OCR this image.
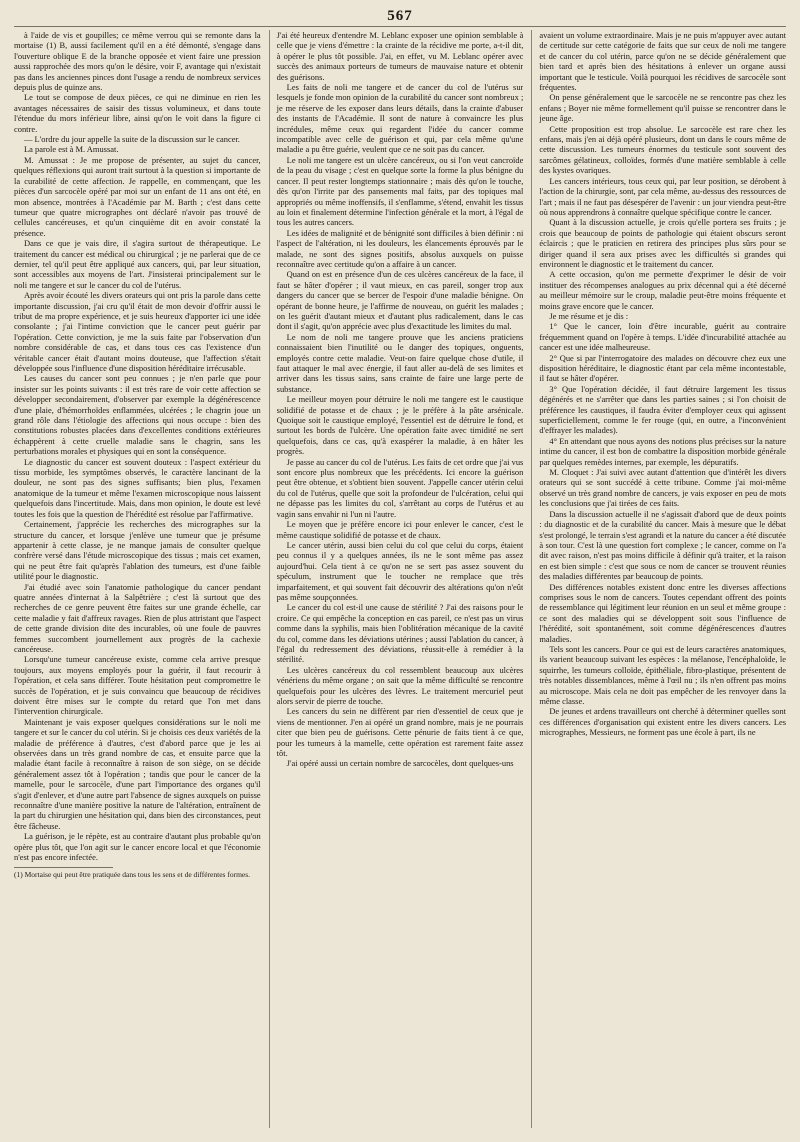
567

à l'aide de vis et goupilles; ce même verrou qui se remonte dans la mortaise (1) B, aussi facilement qu'il en a été démonté, s'engage dans l'ouverture oblique E de la branche opposée et vient faire une pression aussi rapprochée des mors qu'on le désire, voir F, avantage qui n'existait pas dans les anciennes pinces dont l'usage a rendu de nombreux services depuis plus de quinze ans.

Le tout se compose de deux pièces, ce qui ne diminue en rien les avantages nécessaires de saisir des tissus volumineux, et dans toute l'étendue du mors inférieur libre, ainsi qu'on le voit dans la figure ci contre.

— L'ordre du jour appelle la suite de la discussion sur le cancer.

La parole est à M. Amussat.

M. Amussat : Je me propose de présenter, au sujet du cancer, quelques réflexions qui auront trait surtout à la question si importante de la curabilité de cette affection. Je rappelle, en commençant, que les pièces d'un sarcocèle opéré par moi sur un enfant de 11 ans ont été, en mon absence, montrées à l'Académie par M. Barth ; c'est dans cette tumeur que quatre micrographes ont déclaré n'avoir pas trouvé de cellules cancéreuses, et qu'un cinquième dit en avoir constaté la présence.

Dans ce que je vais dire, il s'agira surtout de thérapeutique. Le traitement du cancer est médical ou chirurgical ; je ne parlerai que de ce dernier, tel qu'il peut être appliqué aux cancers, qui, par leur situation, sont accessibles aux moyens de l'art. J'insisterai principalement sur le noli me tangere et sur le cancer du col de l'utérus.

Après avoir écouté les divers orateurs qui ont pris la parole dans cette importante discussion, j'ai cru qu'il était de mon devoir d'offrir aussi le tribut de ma propre expérience, et je suis heureux d'apporter ici une idée consolante ; j'ai l'intime conviction que le cancer peut guérir par l'opération. Cette conviction, je me la suis faite par l'observation d'un nombre considérable de cas, et dans tous ces cas l'existence d'un véritable cancer était d'autant moins douteuse, que l'affection s'était développée sous l'influence d'une disposition héréditaire irrécusable.

Les causes du cancer sont peu connues ; je n'en parle que pour insister sur les points suivants : il est très rare de voir cette affection se développer secondairement, d'observer par exemple la dégénérescence d'une plaie, d'hémorrhoïdes enflammées, ulcérées ; le chagrin joue un grand rôle dans l'étiologie des affections qui nous occupe : bien des constitutions robustes placées dans d'excellentes conditions extérieures échappèrent à cette cruelle maladie sans le chagrin, sans les perturbations morales et physiques qui en sont la conséquence.

Le diagnostic du cancer est souvent douteux : l'aspect extérieur du tissu morbide, les symptômes observés, le caractère lancinant de la douleur, ne sont pas des signes suffisants; bien plus, l'examen anatomique de la tumeur et même l'examen microscopique nous laissent quelquefois dans l'incertitude. Mais, dans mon opinion, le doute est levé toutes les fois que la question de l'hérédité est résolue par l'affirmative.

Certainement, j'apprécie les recherches des micrographes sur la structure du cancer, et lorsque j'enlève une tumeur que je présume appartenir à cette classe, je ne manque jamais de consulter quelque confrère versé dans l'étude microscopique des tissus ; mais cet examen, qui ne peut être fait qu'après l'ablation des tumeurs, est d'une faible utilité pour le diagnostic.

J'ai étudié avec soin l'anatomie pathologique du cancer pendant quatre années d'internat à la Salpêtrière ; c'est là surtout que des recherches de ce genre peuvent être faites sur une grande échelle, car cette maladie y fait d'affreux ravages. Rien de plus attristant que l'aspect de cette grande division dite des incurables, où une foule de pauvres femmes succombent journellement aux progrès de la cachexie cancéreuse.

Lorsqu'une tumeur cancéreuse existe, comme cela arrive presque toujours, aux moyens employés pour la guérir, il faut recourir à l'opération, et cela sans différer. Toute hésitation peut compromettre le succès de l'opération, et je suis convaincu que beaucoup de récidives doivent être mises sur le compte du retard que l'on met dans l'intervention chirurgicale.

Maintenant je vais exposer quelques considérations sur le noli me tangere et sur le cancer du col utérin. Si je choisis ces deux variétés de la maladie de préférence à d'autres, c'est d'abord parce que je les ai observées dans un très grand nombre de cas, et ensuite parce que la maladie étant facile à reconnaître à raison de son siège, on se décide généralement assez tôt à l'opération ; tandis que pour le cancer de la mamelle, pour le sarcocèle, d'une part l'importance des organes qu'il s'agit d'enlever, et d'une autre part l'absence de signes auxquels on puisse reconnaître d'une manière positive la nature de l'altération, entraînent de la part du chirurgien une hésitation qui, dans bien des circonstances, peut être fâcheuse.

La guérison, je le répète, est au contraire d'autant plus probable qu'on opère plus tôt, que l'on agit sur le cancer encore local et que l'économie n'est pas encore infectée.

(1) Mortaise qui peut être pratiquée dans tous les sens et de différentes formes.

J'ai été heureux d'entendre M. Leblanc exposer une opinion semblable à celle que je viens d'émettre : la crainte de la récidive me porte, a-t-il dit, à opérer le plus tôt possible. J'ai, en effet, vu M. Leblanc opérer avec succès des animaux porteurs de tumeurs de mauvaise nature et obtenir des guérisons.

Les faits de noli me tangere et de cancer du col de l'utérus sur lesquels je fonde mon opinion de la curabilité du cancer sont nombreux ; je me réserve de les exposer dans leurs détails, dans la crainte d'abuser des instants de l'Académie. Il sont de nature à convaincre les plus incrédules, même ceux qui regardent l'idée du cancer comme incompatible avec celle de guérison et qui, par cela même qu'une maladie a pu être guérie, veulent que ce ne soit pas du cancer.

Le noli me tangere est un ulcère cancéreux, ou si l'on veut cancroïde de la peau du visage ; c'est en quelque sorte la forme la plus bénigne du cancer. Il peut rester longtemps stationnaire ; mais dès qu'on le touche, dès qu'on l'irrite par des pansements mal faits, par des topiques mal appropriés ou même inoffensifs, il s'enflamme, s'étend, envahit les tissus au loin et finalement détermine l'infection générale et la mort, à l'égal de tous les autres cancers.

Les idées de malignité et de bénignité sont difficiles à bien définir : ni l'aspect de l'altération, ni les douleurs, les élancements éprouvés par le malade, ne sont des signes positifs, absolus auxquels on puisse reconnaître avec certitude qu'on a affaire à un cancer.

Quand on est en présence d'un de ces ulcères cancéreux de la face, il faut se hâter d'opérer ; il vaut mieux, en cas pareil, songer trop aux dangers du cancer que se bercer de l'espoir d'une maladie bénigne. On opérant de bonne heure, je l'affirme de nouveau, on guérit les malades ; on les guérit d'autant mieux et d'autant plus radicalement, dans le cas dont il s'agit, qu'on apprécie avec plus d'exactitude les limites du mal.

Le nom de noli me tangere prouve que les anciens praticiens connaissaient bien l'inutilité ou le danger des topiques, onguents, employés contre cette maladie. Veut-on faire quelque chose d'utile, il faut attaquer le mal avec énergie, il faut aller au-delà de ses limites et arriver dans les tissus sains, sans crainte de faire une large perte de substance.

Le meilleur moyen pour détruire le noli me tangere est le caustique solidifié de potasse et de chaux ; je le préfère à la pâte arsénicale. Quoique soit le caustique employé, l'essentiel est de détruire le fond, et surtout les bords de l'ulcère. Une opération faite avec timidité ne sert quelquefois, dans ce cas, qu'à exaspérer la maladie, à en hâter les progrès.

Je passe au cancer du col de l'utérus. Les faits de cet ordre que j'ai vus sont encore plus nombreux que les précédents. Ici encore la guérison peut être obtenue, et s'obtient bien souvent. J'appelle cancer utérin celui du col de l'utérus, quelle que soit la profondeur de l'ulcération, celui qui ne dépasse pas les limites du col, s'arrêtant au corps de l'utérus et au vagin sans envahir ni l'un ni l'autre.

Le moyen que je préfère encore ici pour enlever le cancer, c'est le même caustique solidifié de potasse et de chaux.

Le cancer utérin, aussi bien celui du col que celui du corps, étaient peu connus il y a quelques années, ils ne le sont même pas assez aujourd'hui. Cela tient à ce qu'on ne se sert pas assez souvent du spéculum, instrument que le toucher ne remplace que très imparfaitement, et qui souvent fait découvrir des altérations qu'on n'eût pas même soupçonnées.

Le cancer du col est-il une cause de stérilité ? J'ai des raisons pour le croire. Ce qui empêche la conception en cas pareil, ce n'est pas un virus comme dans la syphilis, mais bien l'oblitération mécanique de la cavité du col, comme dans les déviations utérines ; aussi l'ablation du cancer, à l'égal du redressement des déviations, réussit-elle à remédier à la stérilité.

Les ulcères cancéreux du col ressemblent beaucoup aux ulcères vénériens du même organe ; on sait que la même difficulté se rencontre quelquefois pour les ulcères des lèvres. Le traitement mercuriel peut alors servir de pierre de touche.

Les cancers du sein ne diffèrent par rien d'essentiel de ceux que je viens de mentionner. J'en ai opéré un grand nombre, mais je ne pourrais citer que bien peu de guérisons. Cette pénurie de faits tient à ce que, pour les tumeurs à la mamelle, cette opération est rarement faite assez tôt.

J'ai opéré aussi un certain nombre de sarcocèles, dont quelques-uns

avaient un volume extraordinaire. Mais je ne puis m'appuyer avec autant de certitude sur cette catégorie de faits que sur ceux de noli me tangere et de cancer du col utérin, parce qu'on ne se décide généralement que bien tard et après bien des hésitations à enlever un organe aussi important que le testicule. Voilà pourquoi les récidives de sarcocèle sont fréquentes.

On pense généralement que le sarcocèle ne se rencontre pas chez les enfans ; Boyer nie même formellement qu'il puisse se rencontrer dans le jeune âge.

Cette proposition est trop absolue. Le sarcocèle est rare chez les enfans, mais j'en ai déjà opéré plusieurs, dont un dans le cours même de cette discussion. Les tumeurs énormes du testicule sont souvent des sarcômes gélatineux, colloïdes, formés d'une matière semblable à celle des kystes ovariques.

Les cancers intérieurs, tous ceux qui, par leur position, se dérobent à l'action de la chirurgie, sont, par cela même, au-dessus des ressources de l'art ; mais il ne faut pas désespérer de l'avenir : un jour viendra peut-être où nous apprendrons à connaître quelque spécifique contre le cancer.

Quant à la discussion actuelle, je crois qu'elle portera ses fruits ; je crois que beaucoup de points de pathologie qui étaient obscurs seront éclaircis ; que le praticien en retirera des principes plus sûrs pour se diriger quand il sera aux prises avec les difficultés si grandes qui environnent le diagnostic et le traitement du cancer.

A cette occasion, qu'on me permette d'exprimer le désir de voir instituer des récompenses analogues au prix décennal qui a été décerné au meilleur mémoire sur le croup, maladie peut-être moins fréquente et moins grave encore que le cancer.

Je me résume et je dis :

1° Que le cancer, loin d'être incurable, guérit au contraire fréquemment quand on l'opère à temps. L'idée d'incurabilité attachée au cancer est une idée malheureuse.

2° Que si par l'interrogatoire des malades on découvre chez eux une disposition héréditaire, le diagnostic étant par cela même incontestable, il faut se hâter d'opérer.

3° Que l'opération décidée, il faut détruire largement les tissus dégénérés et ne s'arrêter que dans les parties saines ; si l'on choisit de préférence les caustiques, il faudra éviter d'employer ceux qui agissent superficiellement, comme le fer rouge (qui, en outre, a l'inconvénient d'effrayer les malades).

4° En attendant que nous ayons des notions plus précises sur la nature intime du cancer, il est bon de combattre la disposition morbide générale par quelques remèdes internes, par exemple, les dépuratifs.

M. Cloquet : J'ai suivi avec autant d'attention que d'intérêt les divers orateurs qui se sont succédé à cette tribune. Comme j'ai moi-même observé un très grand nombre de cancers, je vais exposer en peu de mots les conclusions que j'ai tirées de ces faits.

Dans la discussion actuelle il ne s'agissait d'abord que de deux points : du diagnostic et de la curabilité du cancer. Mais à mesure que le débat s'est prolongé, le terrain s'est agrandi et la nature du cancer a été discutée à son tour. C'est là une question fort complexe ; le cancer, comme on l'a dit avec raison, n'est pas moins difficile à définir qu'à traiter, et la raison en est bien simple : c'est que sous ce nom de cancer se trouvent réunies des maladies différentes par beaucoup de points.

Des différences notables existent donc entre les diverses affections comprises sous le nom de cancers. Toutes cependant offrent des points de ressemblance qui légitiment leur réunion en un seul et même groupe : ce sont des maladies qui se développent soit sous l'influence de l'hérédité, soit spontanément, soit comme dégénérescences d'autres maladies.

Tels sont les cancers. Pour ce qui est de leurs caractères anatomiques, ils varient beaucoup suivant les espèces : la mélanose, l'encéphaloïde, le squirrhe, les tumeurs colloïde, épithéliale, fibro-plastique, présentent de très notables dissemblances, même à l'œil nu ; ils n'en offrent pas moins au microscope. Mais cela ne doit pas empêcher de les renvoyer dans la même classe.

De jeunes et ardens travailleurs ont cherché à déterminer quelles sont ces différences d'organisation qui existent entre les divers cancers. Les micrographes, Messieurs, ne forment pas une école à part, ils ne
